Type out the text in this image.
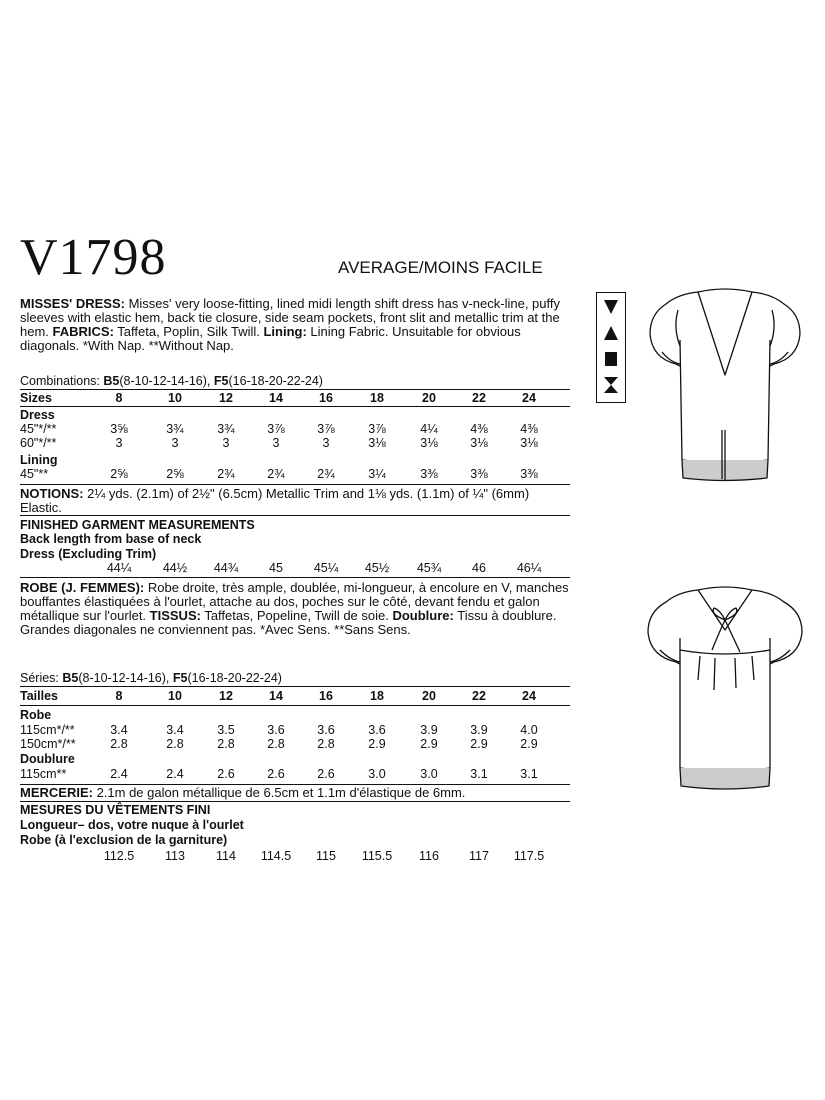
V1798	AVERAGE/MOINS FACILE
MISSES' DRESS: Misses' very loose-fitting, lined midi length shift dress has v-neck-line, puffy sleeves with elastic hem, back tie closure, side seam pockets, front slit and metallic trim at the hem. FABRICS: Taffeta, Poplin, Silk Twill. Lining: Lining Fabric. Unsuitable for obvious diagonals. *With Nap. **Without Nap.
Combinations: B5(8-10-12-14-16), F5(16-18-20-22-24)
Sizes	8	10	12	14	16	18	20	22	24
Dress
45"*/**	3⅝	3¾	3¾	3⅞	3⅞	3⅞	4¼	4⅜	4⅜
60"*/**	3	3	3	3	3	3⅛	3⅛	3⅛	3⅛
Lining
45"**	2⅝	2⅝	2¾	2¾	2¾	3¼	3⅜	3⅜	3⅜
NOTIONS: 2¼ yds. (2.1m) of 2½" (6.5cm) Metallic Trim and 1⅛ yds. (1.1m) of ¼" (6mm) Elastic.
FINISHED GARMENT MEASUREMENTS
Back length from base of neck
Dress (Excluding Trim)
44¼	44½	44¾	45	45¼	45½	45¾	46	46¼
ROBE (J. FEMMES): Robe droite, très ample, doublée, mi-longueur, à encolure en V, manches bouffantes élastiquées à l'ourlet, attache au dos, poches sur le côté, devant fendu et galon métallique sur l'ourlet. TISSUS: Taffetas, Popeline, Twill de soie. Doublure: Tissu à doublure. Grandes diagonales ne conviennent pas. *Avec Sens. **Sans Sens.
Séries: B5(8-10-12-14-16), F5(16-18-20-22-24)
Tailles	8	10	12	14	16	18	20	22	24
Robe
115cm*/**	3.4	3.4	3.5	3.6	3.6	3.6	3.9	3.9	4.0
150cm*/**	2.8	2.8	2.8	2.8	2.8	2.9	2.9	2.9	2.9
Doublure
115cm**	2.4	2.4	2.6	2.6	2.6	3.0	3.0	3.1	3.1
MERCERIE: 2.1m de galon métallique de 6.5cm et 1.1m d'élastique de 6mm.
MESURES DU VÊTEMENTS FINI
Longueur– dos, votre nuque à l'ourlet
Robe (à l'exclusion de la garniture)
112.5	113	114	114.5	115	115.5	116	117	117.5
